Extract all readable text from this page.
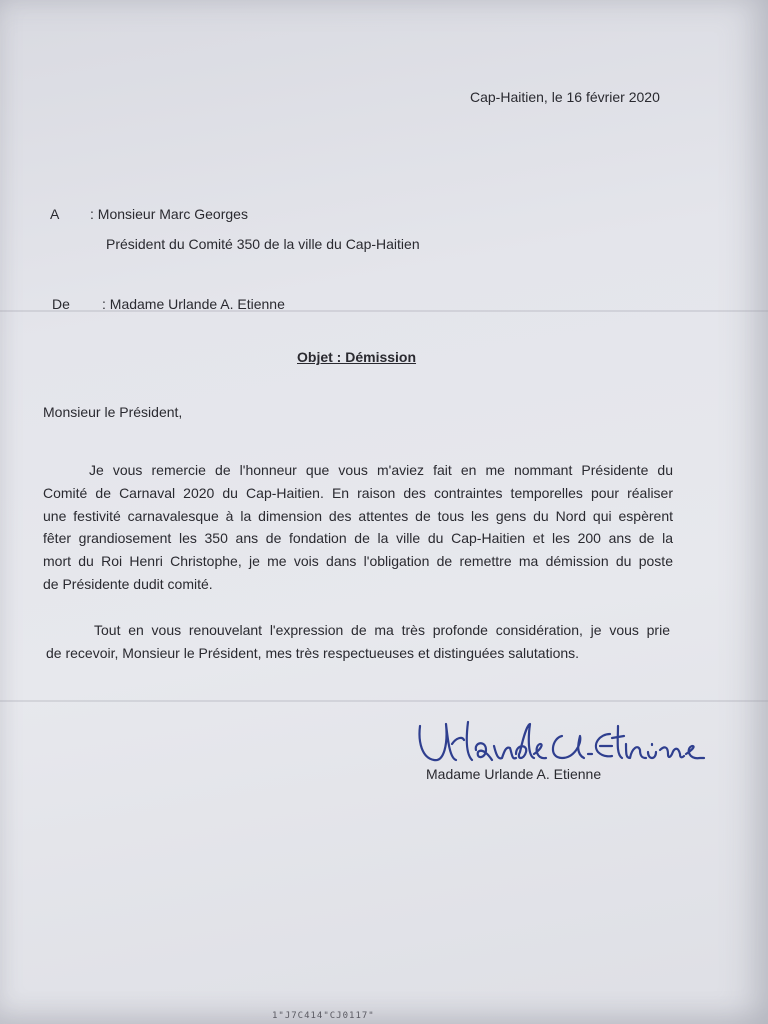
Cap-Haitien, le 16 février 2020
A : Monsieur Marc Georges
Président du Comité 350 de la ville du Cap-Haitien
De : Madame Urlande A. Etienne
Objet : Démission
Monsieur le Président,
Je vous remercie de l'honneur que vous m'aviez fait en me nommant Présidente du
Comité de Carnaval 2020 du Cap-Haitien. En raison des contraintes temporelles pour réaliser
une festivité carnavalesque à la dimension des attentes de tous les gens du Nord qui espèrent
fêter grandiosement les 350 ans de fondation de la ville du Cap-Haitien et les 200 ans de la
mort du Roi Henri Christophe, je me vois dans l'obligation de remettre ma démission du poste
de Présidente dudit comité.
Tout en vous renouvelant l'expression de ma très profonde considération, je vous prie
de recevoir, Monsieur le Président, mes très respectueuses et distinguées salutations.
Madame Urlande A. Etienne
1"J7C414"CJ0117"
